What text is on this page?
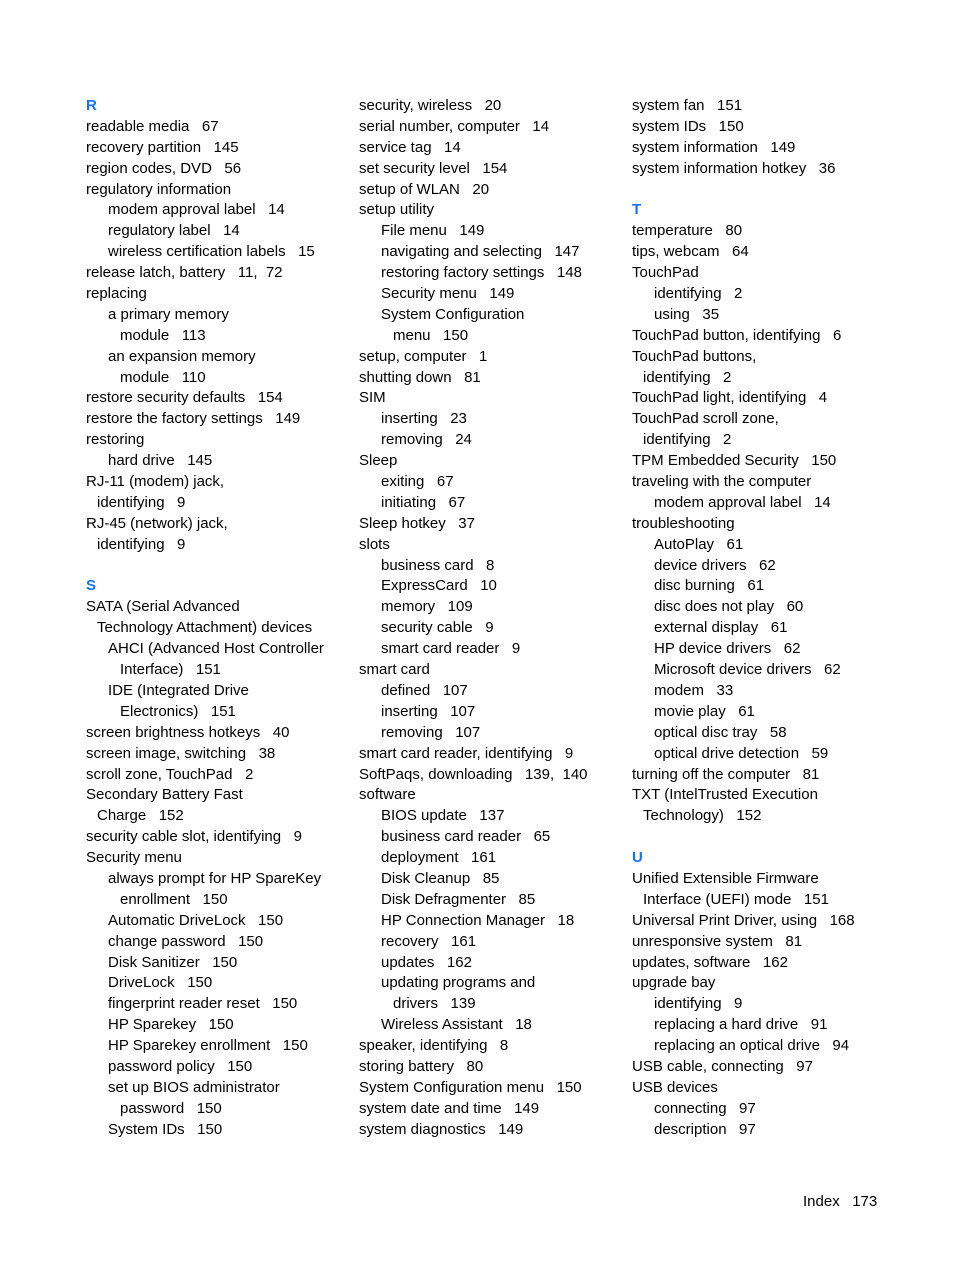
R
readable media   67
recovery partition   145
region codes, DVD   56
regulatory information
modem approval label   14
regulatory label   14
wireless certification labels   15
release latch, battery   11,  72
replacing
a primary memory
module   113
an expansion memory
module   110
restore security defaults   154
restore the factory settings   149
restoring
hard drive   145
RJ-11 (modem) jack,
identifying   9
RJ-45 (network) jack,
identifying   9
S
SATA (Serial Advanced
Technology Attachment) devices
AHCI (Advanced Host Controller
Interface)   151
IDE (Integrated Drive
Electronics)   151
screen brightness hotkeys   40
screen image, switching   38
scroll zone, TouchPad   2
Secondary Battery Fast
Charge   152
security cable slot, identifying   9
Security menu
always prompt for HP SpareKey
enrollment   150
Automatic DriveLock   150
change password   150
Disk Sanitizer   150
DriveLock   150
fingerprint reader reset   150
HP Sparekey   150
HP Sparekey enrollment   150
password policy   150
set up BIOS administrator
password   150
System IDs   150
security, wireless   20
serial number, computer   14
service tag   14
set security level   154
setup of WLAN   20
setup utility
File menu   149
navigating and selecting   147
restoring factory settings   148
Security menu   149
System Configuration
menu   150
setup, computer   1
shutting down   81
SIM
inserting   23
removing   24
Sleep
exiting   67
initiating   67
Sleep hotkey   37
slots
business card   8
ExpressCard   10
memory   109
security cable   9
smart card reader   9
smart card
defined   107
inserting   107
removing   107
smart card reader, identifying   9
SoftPaqs, downloading   139,  140
software
BIOS update   137
business card reader   65
deployment   161
Disk Cleanup   85
Disk Defragmenter   85
HP Connection Manager   18
recovery   161
updates   162
updating programs and
drivers   139
Wireless Assistant   18
speaker, identifying   8
storing battery   80
System Configuration menu   150
system date and time   149
system diagnostics   149
system fan   151
system IDs   150
system information   149
system information hotkey   36
T
temperature   80
tips, webcam   64
TouchPad
identifying   2
using   35
TouchPad button, identifying   6
TouchPad buttons,
identifying   2
TouchPad light, identifying   4
TouchPad scroll zone,
identifying   2
TPM Embedded Security   150
traveling with the computer
modem approval label   14
troubleshooting
AutoPlay   61
device drivers   62
disc burning   61
disc does not play   60
external display   61
HP device drivers   62
Microsoft device drivers   62
modem   33
movie play   61
optical disc tray   58
optical drive detection   59
turning off the computer   81
TXT (IntelTrusted Execution
Technology)   152
U
Unified Extensible Firmware
Interface (UEFI) mode   151
Universal Print Driver, using   168
unresponsive system   81
updates, software   162
upgrade bay
identifying   9
replacing a hard drive   91
replacing an optical drive   94
USB cable, connecting   97
USB devices
connecting   97
description   97
Index   173
